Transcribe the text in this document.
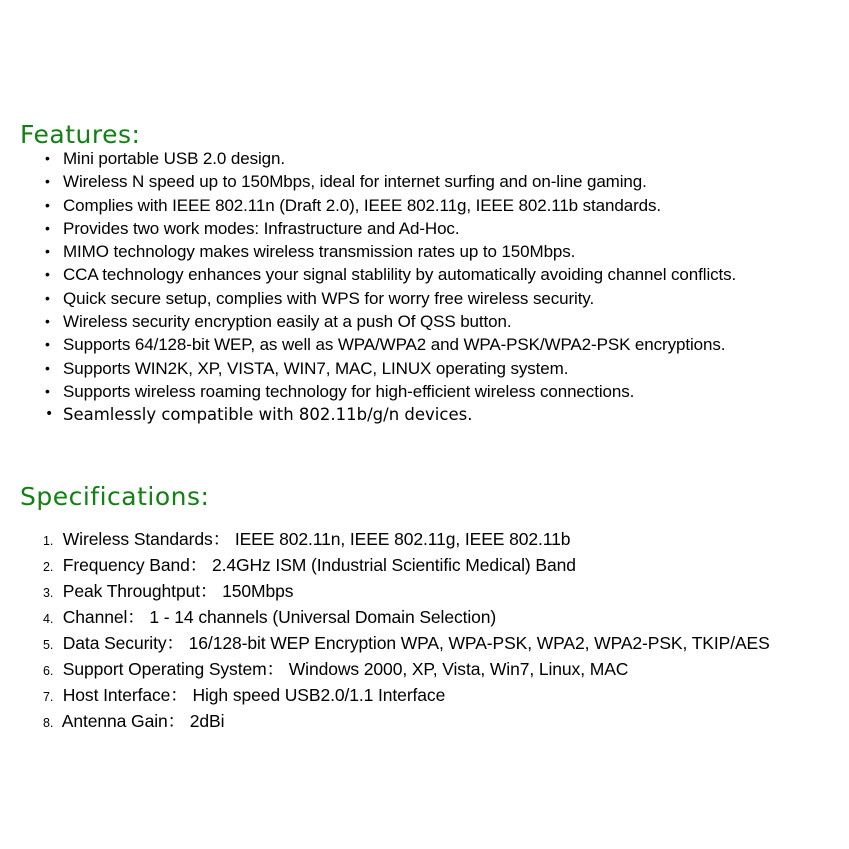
Features:
• Mini portable USB 2.0 design.
• Wireless N speed up to 150Mbps, ideal for internet surfing and on-line gaming.
• Complies with IEEE 802.11n (Draft 2.0), IEEE 802.11g, IEEE 802.11b standards.
• Provides two work modes: Infrastructure and Ad-Hoc.
• MIMO technology makes wireless transmission rates up to 150Mbps.
• CCA technology enhances your signal stablility by automatically avoiding channel conflicts.
• Quick secure setup, complies with WPS for worry free wireless security.
• Wireless security encryption easily at a push Of QSS button.
• Supports 64/128-bit WEP, as well as WPA/WPA2 and WPA-PSK/WPA2-PSK encryptions.
• Supports WIN2K, XP, VISTA, WIN7, MAC, LINUX operating system.
• Supports wireless roaming technology for high-efficient wireless connections.
• Seamlessly compatible with 802.11b/g/n devices.
Specifications:
1. Wireless Standards： IEEE 802.11n, IEEE 802.11g, IEEE 802.11b
2. Frequency Band： 2.4GHz ISM (Industrial Scientific Medical) Band
3. Peak Throughtput： 150Mbps
4. Channel： 1 - 14 channels (Universal Domain Selection)
5. Data Security： 16/128-bit WEP Encryption WPA, WPA-PSK, WPA2, WPA2-PSK, TKIP/AES
6. Support Operating System： Windows 2000, XP, Vista, Win7, Linux, MAC
7. Host Interface： High speed USB2.0/1.1 Interface
8. Antenna Gain： 2dBi
